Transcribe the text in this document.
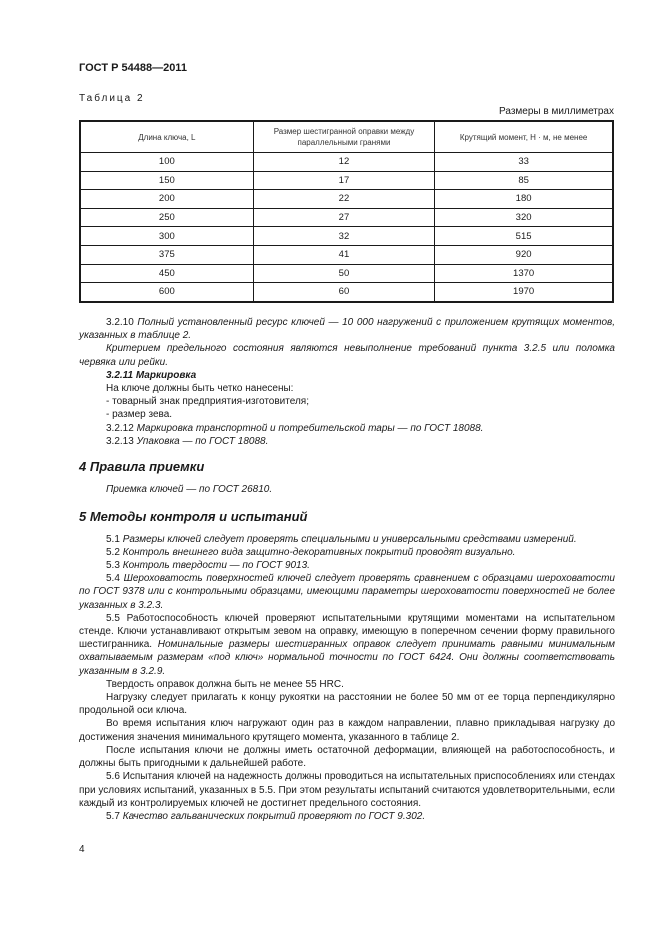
ГОСТ Р 54488—2011
Таблица 2
Размеры в миллиметрах
Длина ключа, L	Размер шестигранной оправки между параллельными гранями	Крутящий момент, Н · м, не менее
100	12	33
150	17	85
200	22	180
250	27	320
300	32	515
375	41	920
450	50	1370
600	60	1970

3.2.10 Полный установленный ресурс ключей — 10 000 нагружений с приложением крутящих моментов, указанных в таблице 2.

Критерием предельного состояния являются невыполнение требований пункта 3.2.5 или поломка червяка или рейки.

3.2.11 Маркировка

На ключе должны быть четко нанесены:

- товарный знак предприятия-изготовителя;

- размер зева.

3.2.12 Маркировка транспортной и потребительской тары — по ГОСТ 18088.

3.2.13 Упаковка — по ГОСТ 18088.

4 Правила приемки

Приемка ключей — по ГОСТ 26810.

5 Методы контроля и испытаний

5.1 Размеры ключей следует проверять специальными и универсальными средствами измерений.

5.2 Контроль внешнего вида защитно-декоративных покрытий проводят визуально.

5.3 Контроль твердости — по ГОСТ 9013.

5.4 Шероховатость поверхностей ключей следует проверять сравнением с образцами шероховатости по ГОСТ 9378 или с контрольными образцами, имеющими параметры шероховатости поверхностей не более указанных в 3.2.3.

5.5 Работоспособность ключей проверяют испытательными крутящими моментами на испытательном стенде. Ключи устанавливают открытым зевом на оправку, имеющую в поперечном сечении форму правильного шестигранника. Номинальные размеры шестигранных оправок следует принимать равными минимальным охватываемым размерам «под ключ» нормальной точности по ГОСТ 6424. Они должны соответствовать указанным в 3.2.9.

Твердость оправок должна быть не менее 55 HRC.

Нагрузку следует прилагать к концу рукоятки на расстоянии не более 50 мм от ее торца перпендикулярно продольной оси ключа.

Во время испытания ключ нагружают один раз в каждом направлении, плавно прикладывая нагрузку до достижения значения минимального крутящего момента, указанного в таблице 2.

После испытания ключи не должны иметь остаточной деформации, влияющей на работоспособность, и должны быть пригодными к дальнейшей работе.

5.6 Испытания ключей на надежность должны проводиться на испытательных приспособлениях или стендах при условиях испытаний, указанных в 5.5. При этом результаты испытаний считаются удовлетворительными, если каждый из контролируемых ключей не достигнет предельного состояния.

5.7 Качество гальванических покрытий проверяют по ГОСТ 9.302.

4
